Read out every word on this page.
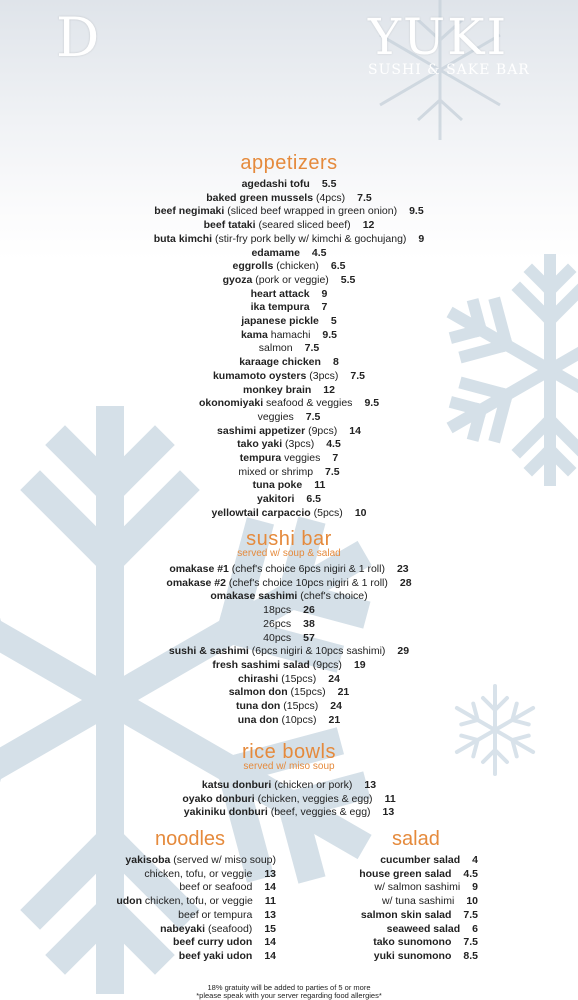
D	YUKI
SUSHI & SAKE BAR
appetizers
agedashi tofu 5.5
baked green mussels (4pcs) 7.5
beef negimaki (sliced beef wrapped in green onion) 9.5
beef tataki (seared sliced beef) 12
buta kimchi (stir-fry pork belly w/ kimchi & gochujang) 9
edamame 4.5
eggrolls (chicken) 6.5
gyoza (pork or veggie) 5.5
heart attack 9
ika tempura 7
japanese pickle 5
kama hamachi 9.5
salmon 7.5
karaage chicken 8
kumamoto oysters (3pcs) 7.5
monkey brain 12
okonomiyaki seafood & veggies 9.5
veggies 7.5
sashimi appetizer (9pcs) 14
tako yaki (3pcs) 4.5
tempura veggies 7
mixed or shrimp 7.5
tuna poke 11
yakitori 6.5
yellowtail carpaccio (5pcs) 10
sushi bar
served w/ soup & salad
omakase #1 (chef's choice 6pcs nigiri & 1 roll) 23
omakase #2 (chef's choice 10pcs nigiri & 1 roll) 28
omakase sashimi (chef's choice)
18pcs 26
26pcs 38
40pcs 57
sushi & sashimi (6pcs nigiri & 10pcs sashimi) 29
fresh sashimi salad (9pcs) 19
chirashi (15pcs) 24
salmon don (15pcs) 21
tuna don (15pcs) 24
una don (10pcs) 21
rice bowls
served w/ miso soup
katsu donburi (chicken or pork) 13
oyako donburi (chicken, veggies & egg) 11
yakiniku donburi (beef, veggies & egg) 13
noodles	salad
yakisoba (served w/ miso soup)
chicken, tofu, or veggie 13
beef or seafood 14
udon chicken, tofu, or veggie 11
beef or tempura 13
nabeyaki (seafood) 15
beef curry udon 14
beef yaki udon 14
cucumber salad 4
house green salad 4.5
w/ salmon sashimi 9
w/ tuna sashimi 10
salmon skin salad 7.5
seaweed salad 6
tako sunomono 7.5
yuki sunomono 8.5
18% gratuity will be added to parties of 5 or more
*please speak with your server regarding food allergies*
